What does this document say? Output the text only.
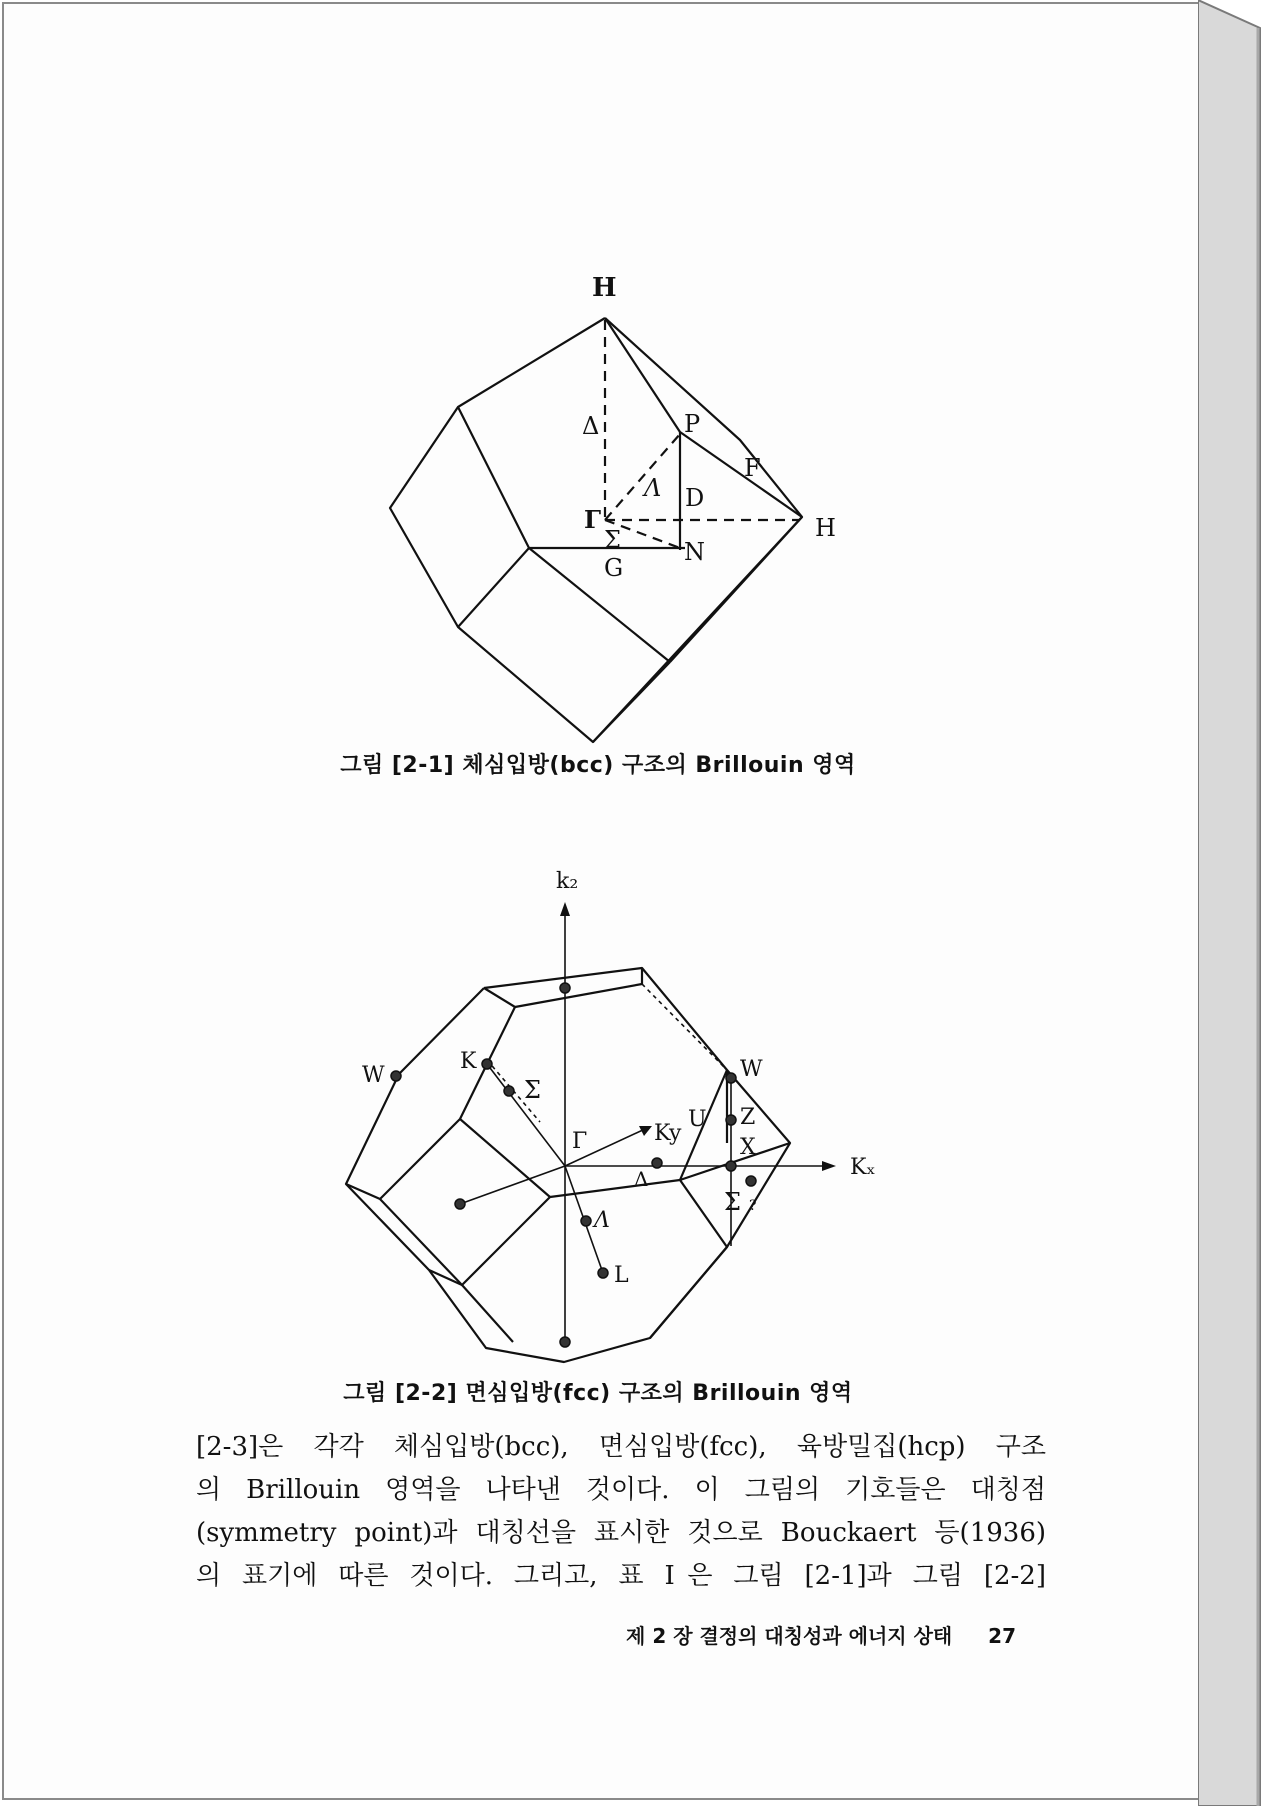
H
Δ	P
F
Λ D
Γ	H
Σ	N
G
그림 [2-1] 체심입방(bcc) 구조의 Brillouin 영역
k₂
Kₓ
Ky
W	W
K
Σ
Γ
U Z
X
Δ
Λ
L
Σ ?
그림 [2-2] 면심입방(fcc) 구조의 Brillouin 영역
[2-3]은 각각 체심입방(bcc), 면심입방(fcc), 육방밀집(hcp) 구조
의 Brillouin 영역을 나타낸 것이다. 이 그림의 기호들은 대칭점
(symmetry point)과 대칭선을 표시한 것으로 Bouckaert 등(1936)
의 표기에 따른 것이다. 그리고, 표 Ⅰ은 그림 [2-1]과 그림 [2-2]
제 2 장 결정의 대칭성과 에너지 상태 27
